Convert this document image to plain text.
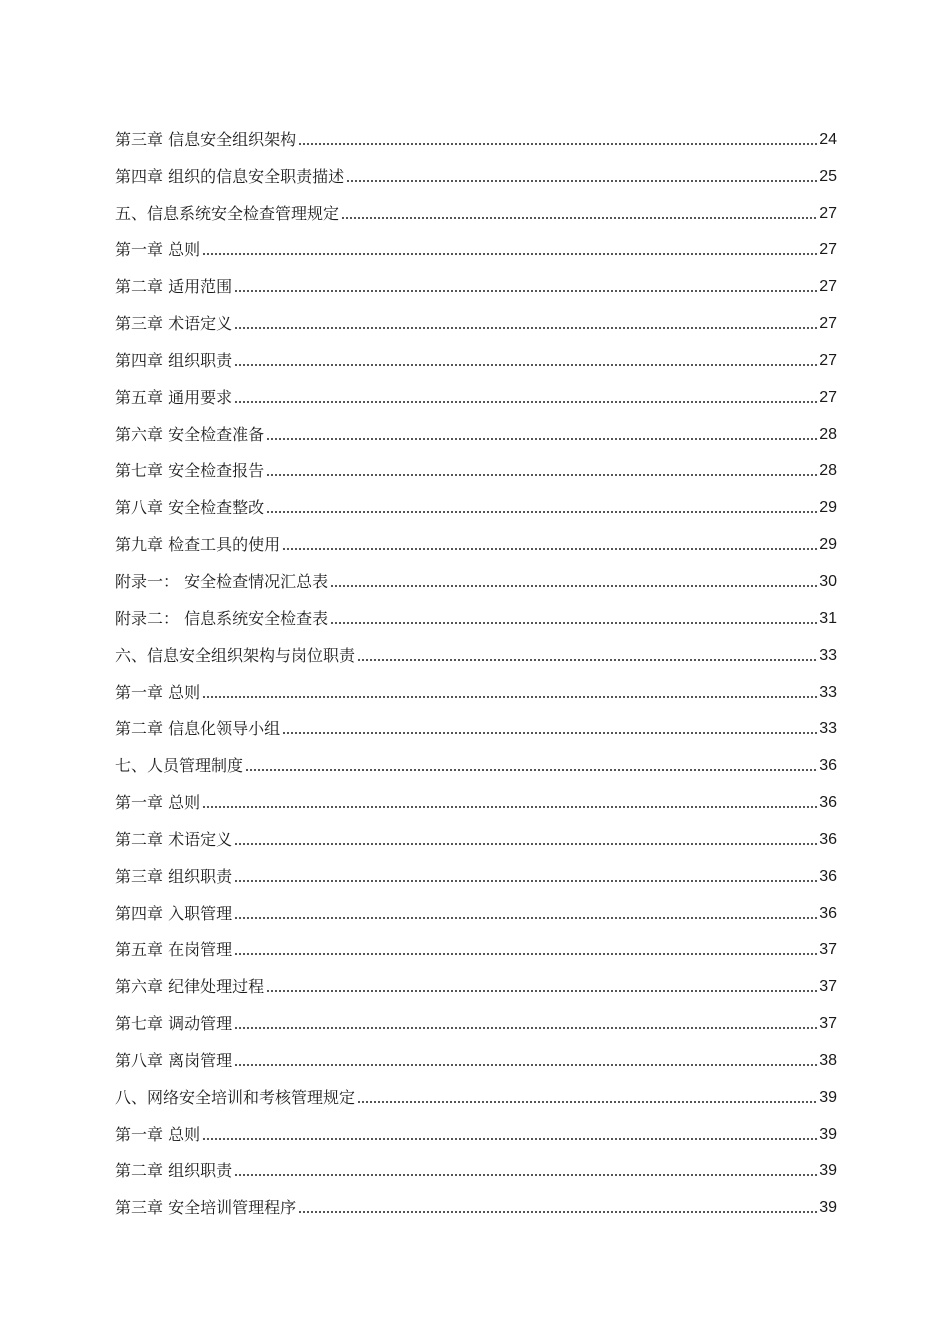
第三章 信息安全组织架构	24
第四章 组织的信息安全职责描述	25
五、信息系统安全检查管理规定	27
第一章 总则	27
第二章 适用范围	27
第三章 术语定义	27
第四章 组织职责	27
第五章 通用要求	27
第六章 安全检查准备	28
第七章 安全检查报告	28
第八章 安全检查整改	29
第九章 检查工具的使用	29
附录一： 安全检查情况汇总表	30
附录二： 信息系统安全检查表	31
六、信息安全组织架构与岗位职责	33
第一章 总则	33
第二章 信息化领导小组	33
七、人员管理制度	36
第一章 总则	36
第二章 术语定义	36
第三章 组织职责	36
第四章 入职管理	36
第五章 在岗管理	37
第六章 纪律处理过程	37
第七章 调动管理	37
第八章 离岗管理	38
八、网络安全培训和考核管理规定	39
第一章 总则	39
第二章 组织职责	39
第三章 安全培训管理程序	39
